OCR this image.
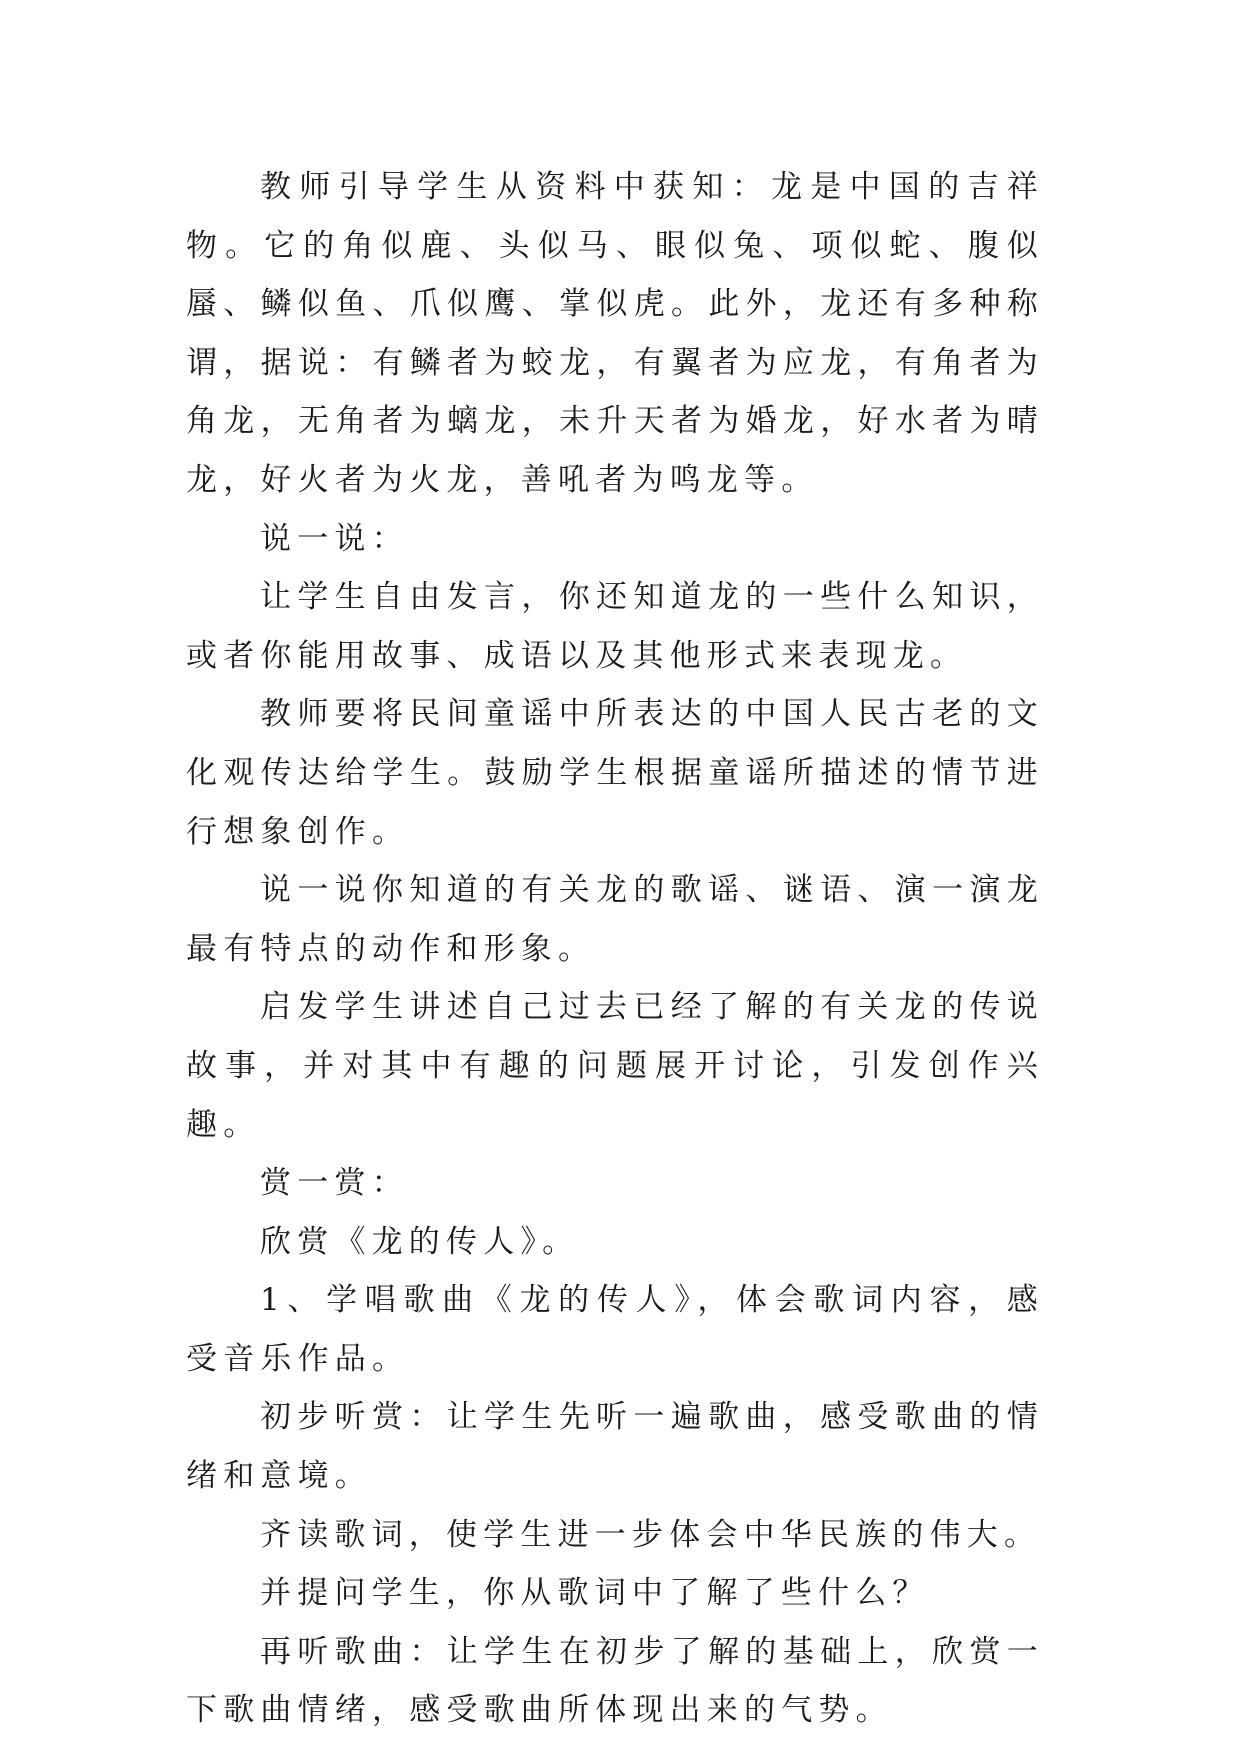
教师引导学生从资料中获知：龙是中国的吉祥物。它的角似鹿、头似马、眼似兔、项似蛇、腹似蜃、鳞似鱼、爪似鹰、掌似虎。此外，龙还有多种称谓，据说：有鳞者为蛟龙，有翼者为应龙，有角者为角龙，无角者为螭龙，未升天者为婚龙，好水者为晴龙，好火者为火龙，善吼者为鸣龙等。

说一说：

让学生自由发言，你还知道龙的一些什么知识，或者你能用故事、成语以及其他形式来表现龙。

教师要将民间童谣中所表达的中国人民古老的文化观传达给学生。鼓励学生根据童谣所描述的情节进行想象创作。

说一说你知道的有关龙的歌谣、谜语、演一演龙最有特点的动作和形象。

启发学生讲述自己过去已经了解的有关龙的传说故事，并对其中有趣的问题展开讨论，引发创作兴趣。

赏一赏：

欣赏《龙的传人》。

1、学唱歌曲《龙的传人》，体会歌词内容，感受音乐作品。

初步听赏：让学生先听一遍歌曲，感受歌曲的情绪和意境。

齐读歌词，使学生进一步体会中华民族的伟大。

并提问学生，你从歌词中了解了些什么？

再听歌曲：让学生在初步了解的基础上，欣赏一下歌曲情绪，感受歌曲所体现出来的气势。
